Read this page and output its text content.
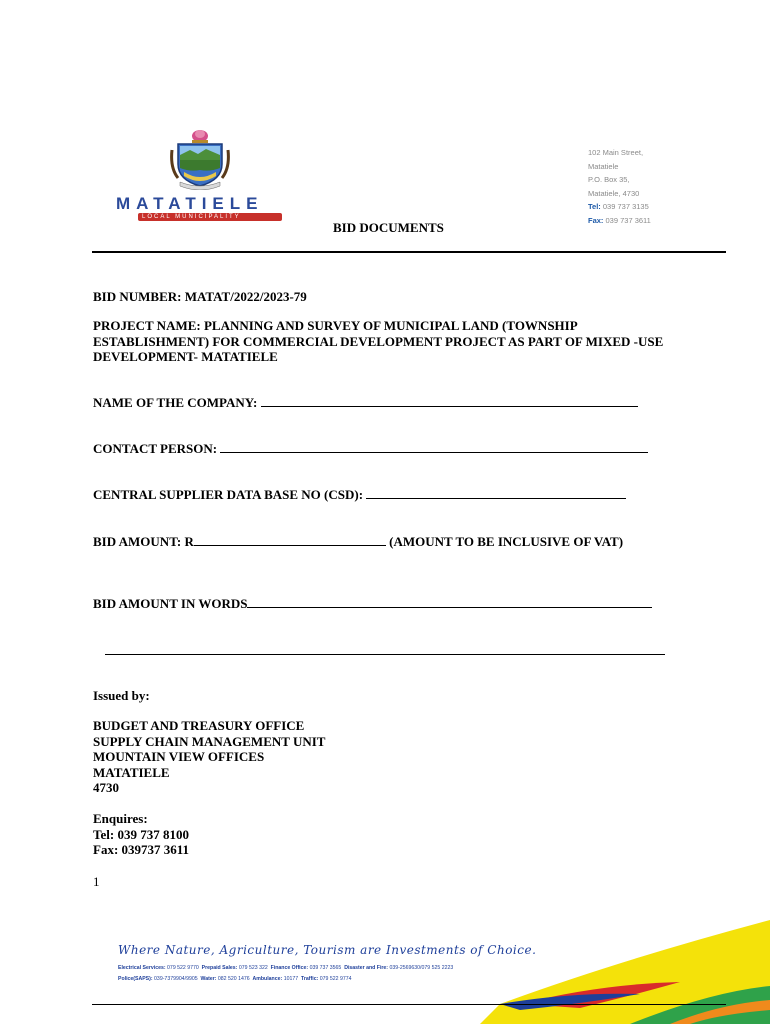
MATATIELE
LOCAL MUNICIPALITY
102 Main Street,
Matatiele
P.O. Box 35,
Matatiele, 4730
Tel: 039 737 3135
Fax: 039 737 3611
BID DOCUMENTS
BID NUMBER: MATAT/2022/2023-79
PROJECT NAME: PLANNING AND SURVEY OF MUNICIPAL LAND (TOWNSHIP
ESTABLISHMENT) FOR COMMERCIAL DEVELOPMENT PROJECT AS PART OF MIXED -USE
DEVELOPMENT- MATATIELE
NAME OF THE COMPANY:
CONTACT PERSON:
CENTRAL SUPPLIER DATA BASE NO (CSD):
BID AMOUNT: R	(AMOUNT TO BE INCLUSIVE OF VAT)
BID AMOUNT IN WORDS
Issued by:
BUDGET AND TREASURY OFFICE
SUPPLY CHAIN MANAGEMENT UNIT
MOUNTAIN VIEW OFFICES
MATATIELE
4730
Enquires:
Tel: 039 737 8100
Fax: 039737 3611
1
Where Nature, Agriculture, Tourism are Investments of Choice.
Electrical Services: 079 522 9770 Prepaid Sales: 079 523 322 Finance Office: 039 737 3565 Disaster and Fire: 039-2569630/079 525 2223
Police(SAPS): 039-7379904/9905 Water: 082 520 1476 Ambulance: 10177 Traffic: 079 522 9774
